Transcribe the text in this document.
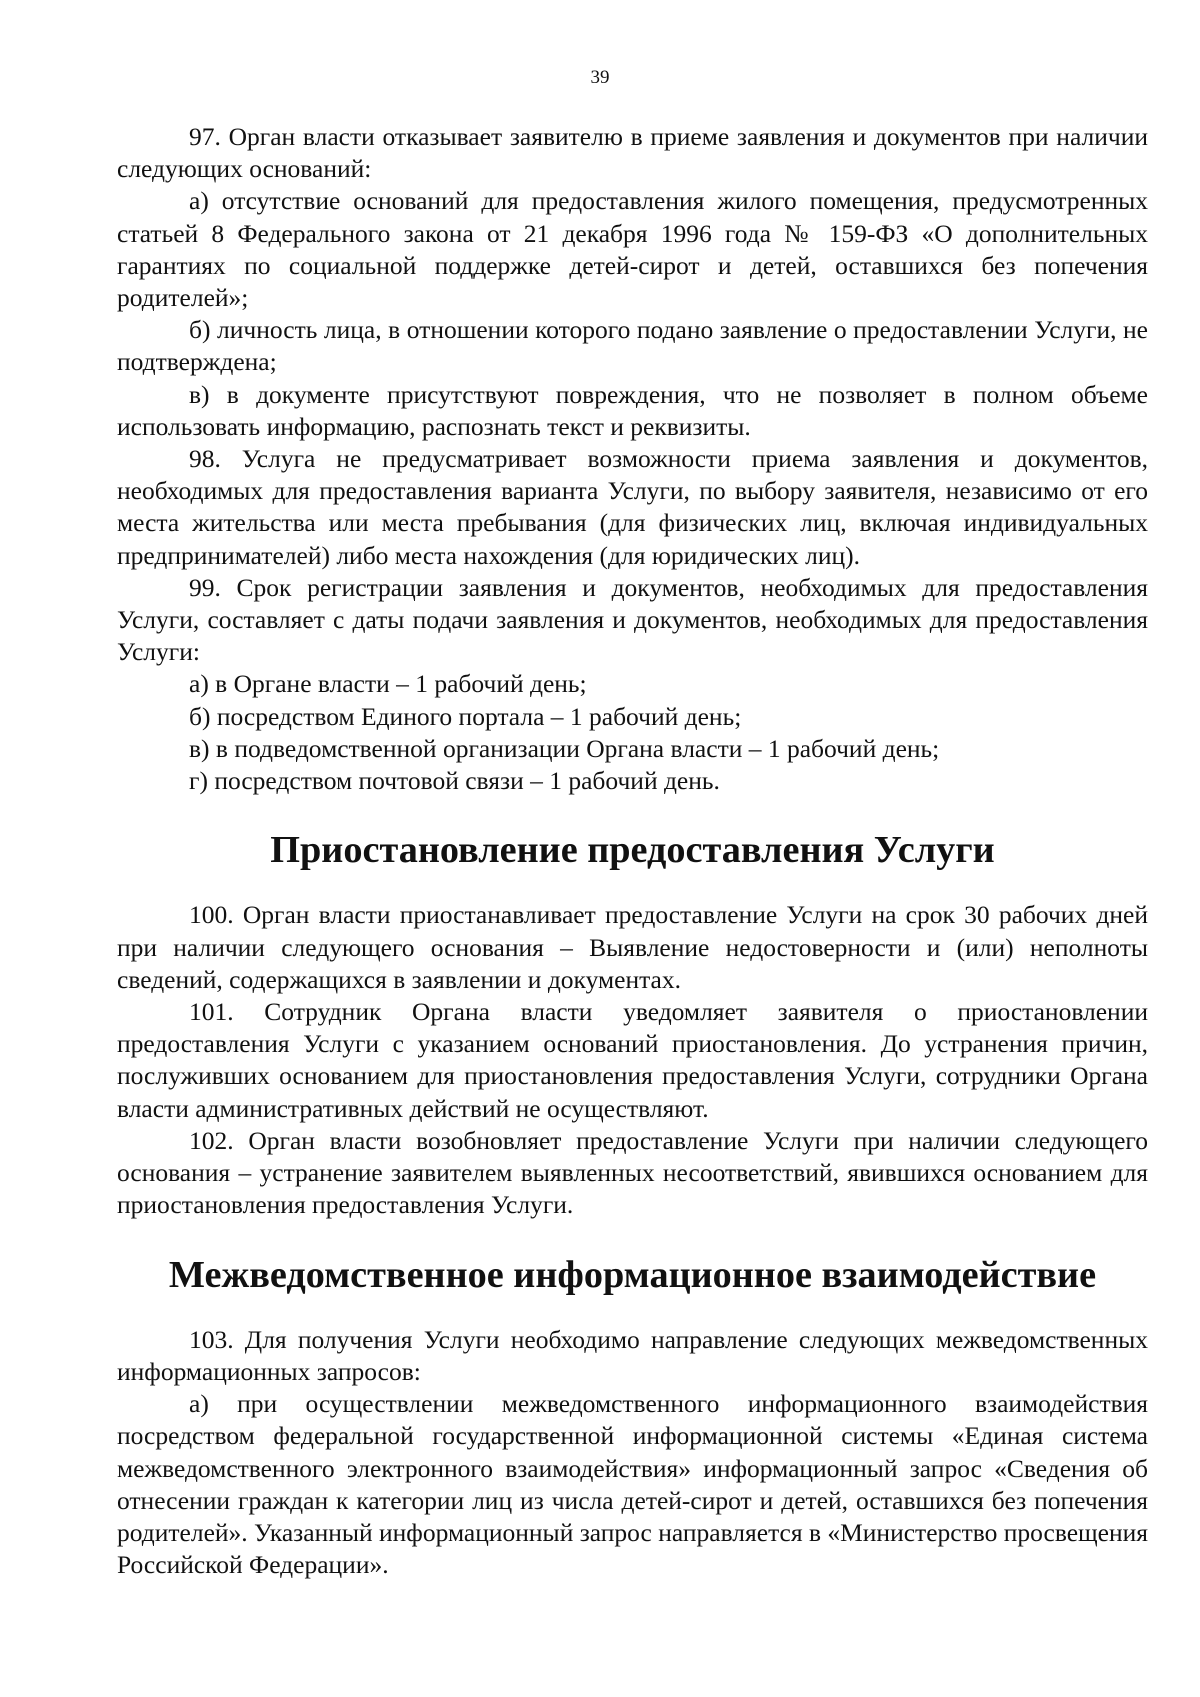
39

97. Орган власти отказывает заявителю в приеме заявления и документов при наличии следующих оснований:

а) отсутствие оснований для предоставления жилого помещения, предусмотренных статьей 8 Федерального закона от 21 декабря 1996 года № 159-ФЗ «О дополнительных гарантиях по социальной поддержке детей-сирот и детей, оставшихся без попечения родителей»;

б) личность лица, в отношении которого подано заявление о предоставлении Услуги, не подтверждена;

в) в документе присутствуют повреждения, что не позволяет в полном объеме использовать информацию, распознать текст и реквизиты.

98. Услуга не предусматривает возможности приема заявления и документов, необходимых для предоставления варианта Услуги, по выбору заявителя, независимо от его места жительства или места пребывания (для физических лиц, включая индивидуальных предпринимателей) либо места нахождения (для юридических лиц).

99. Срок регистрации заявления и документов, необходимых для предоставления Услуги, составляет с даты подачи заявления и документов, необходимых для предоставления Услуги:

а) в Органе власти – 1 рабочий день;

б) посредством Единого портала – 1 рабочий день;

в) в подведомственной организации Органа власти – 1 рабочий день;

г) посредством почтовой связи – 1 рабочий день.

Приостановление предоставления Услуги

100. Орган власти приостанавливает предоставление Услуги на срок 30 рабочих дней при наличии следующего основания – Выявление недостоверности и (или) неполноты сведений, содержащихся в заявлении и документах.

101. Сотрудник Органа власти уведомляет заявителя о приостановлении предоставления Услуги с указанием оснований приостановления. До устранения причин, послуживших основанием для приостановления предоставления Услуги, сотрудники Органа власти административных действий не осуществляют.

102. Орган власти возобновляет предоставление Услуги при наличии следующего основания – устранение заявителем выявленных несоответствий, явившихся основанием для приостановления предоставления Услуги.

Межведомственное информационное взаимодействие

103. Для получения Услуги необходимо направление следующих межведомственных информационных запросов:

а) при осуществлении межведомственного информационного взаимодействия посредством федеральной государственной информационной системы «Единая система межведомственного электронного взаимодействия» информационный запрос «Сведения об отнесении граждан к категории лиц из числа детей-сирот и детей, оставшихся без попечения родителей». Указанный информационный запрос направляется в «Министерство просвещения Российской Федерации».
